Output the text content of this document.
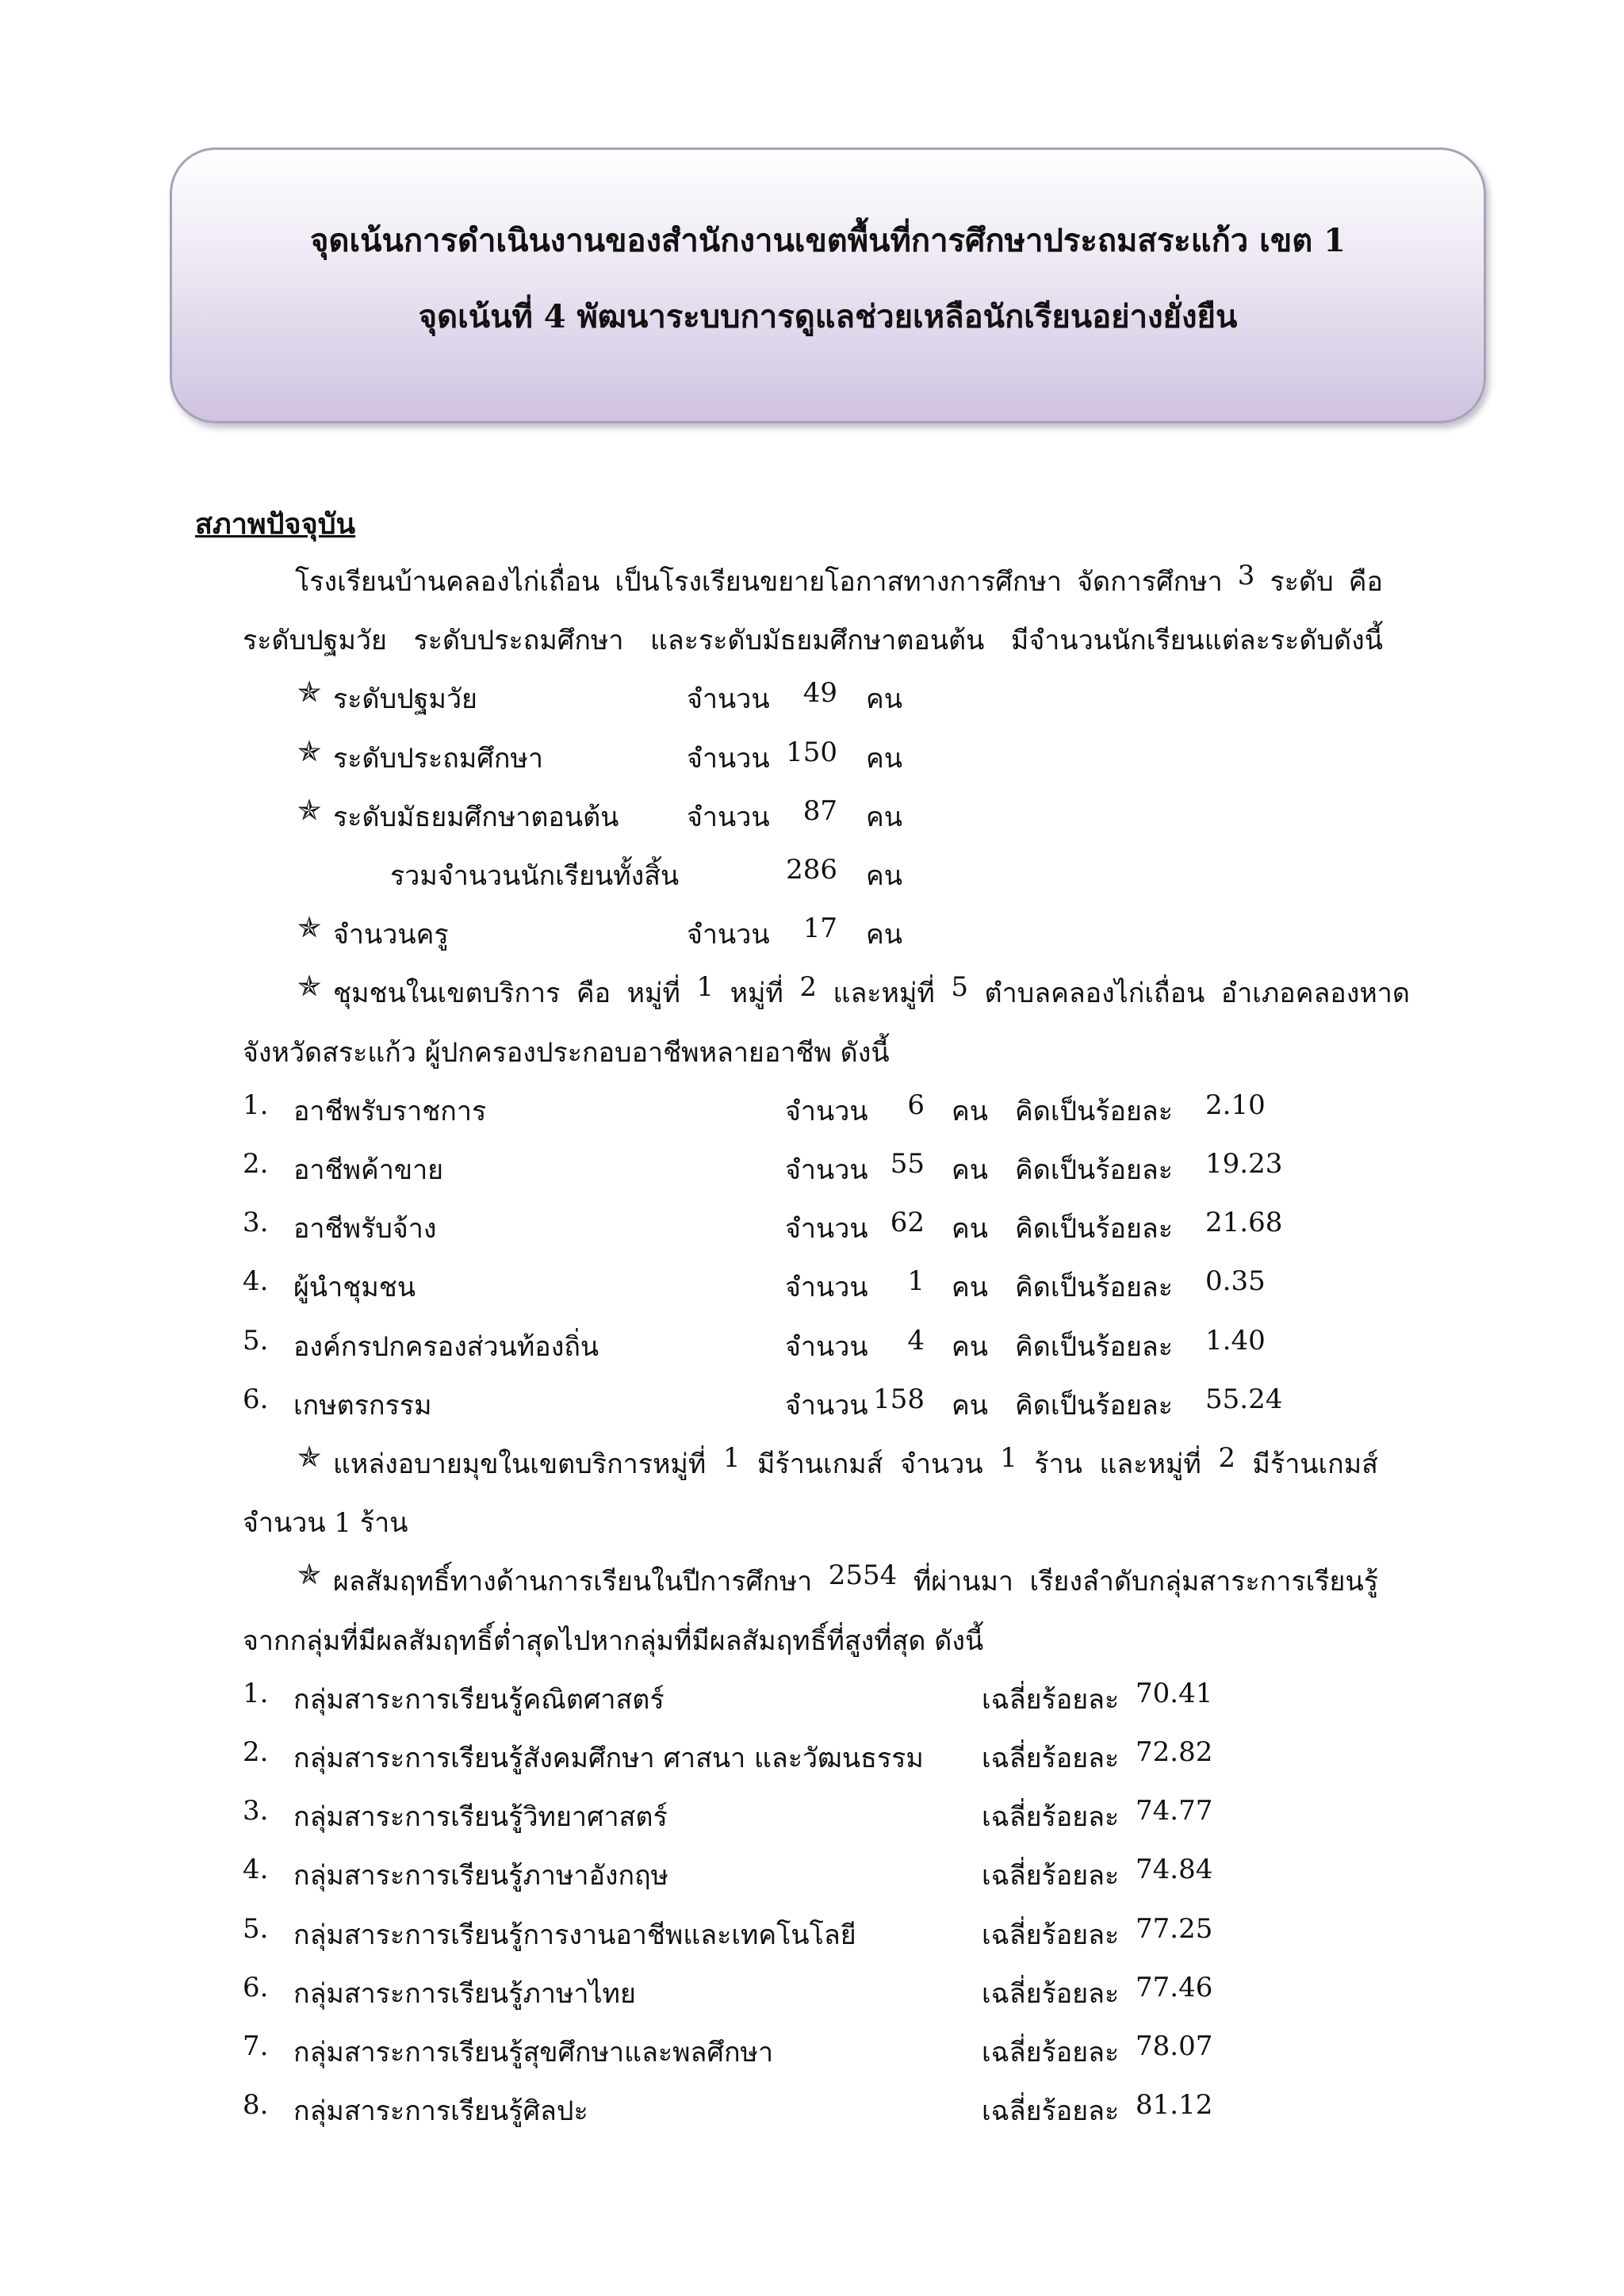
จุดเน้นการดำเนินงานของสำนักงานเขตพื้นที่การศึกษาประถมสระแก้ว เขต 1
จุดเน้นที่ 4 พัฒนาระบบการดูแลช่วยเหลือนักเรียนอย่างยั่งยืน
สภาพปัจจุบัน
โรงเรียนบ้านคลองไก่เถื่อน เป็นโรงเรียนขยายโอกาสทางการศึกษา จัดการศึกษา 3 ระดับ คือ
ระดับปฐมวัย ระดับประถมศึกษา และระดับมัธยมศึกษาตอนต้น มีจำนวนนักเรียนแต่ละระดับดังนี้
✯ ระดับปฐมวัย	จำนวน	49 คน
✯ ระดับประถมศึกษา	จำนวน 150 คน
✯ ระดับมัธยมศึกษาตอนต้น	จำนวน	87 คน
รวมจำนวนนักเรียนทั้งสิ้น	286 คน
✯ จำนวนครู	จำนวน	17 คน
✯ ชุมชนในเขตบริการ คือ หมู่ที่ 1 หมู่ที่ 2 และหมู่ที่ 5 ตำบลคลองไก่เถื่อน อำเภอคลองหาด
จังหวัดสระแก้ว ผู้ปกครองประกอบอาชีพหลายอาชีพ ดังนี้
1. อาชีพรับราชการ	จำนวน	6 คน คิดเป็นร้อยละ 2.10
2. อาชีพค้าขาย	จำนวน 55 คน คิดเป็นร้อยละ 19.23
3. อาชีพรับจ้าง	จำนวน 62 คน คิดเป็นร้อยละ 21.68
4. ผู้นำชุมชน	จำนวน	1 คน คิดเป็นร้อยละ 0.35
5. องค์กรปกครองส่วนท้องถิ่น	จำนวน	4 คน คิดเป็นร้อยละ 1.40
6. เกษตรกรรม	จำนวน 158 คน คิดเป็นร้อยละ 55.24
✯ แหล่งอบายมุขในเขตบริการหมู่ที่ 1 มีร้านเกมส์ จำนวน 1 ร้าน และหมู่ที่ 2 มีร้านเกมส์
จำนวน 1 ร้าน
✯ ผลสัมฤทธิ์ทางด้านการเรียนในปีการศึกษา 2554 ที่ผ่านมา เรียงลำดับกลุ่มสาระการเรียนรู้
จากกลุ่มที่มีผลสัมฤทธิ์ต่ำสุดไปหากลุ่มที่มีผลสัมฤทธิ์ที่สูงที่สุด ดังนี้
1. กลุ่มสาระการเรียนรู้คณิตศาสตร์	เฉลี่ยร้อยละ 70.41
2. กลุ่มสาระการเรียนรู้สังคมศึกษา ศาสนา และวัฒนธรรม เฉลี่ยร้อยละ 72.82
3. กลุ่มสาระการเรียนรู้วิทยาศาสตร์	เฉลี่ยร้อยละ 74.77
4. กลุ่มสาระการเรียนรู้ภาษาอังกฤษ	เฉลี่ยร้อยละ 74.84
5. กลุ่มสาระการเรียนรู้การงานอาชีพและเทคโนโลยี	เฉลี่ยร้อยละ 77.25
6. กลุ่มสาระการเรียนรู้ภาษาไทย	เฉลี่ยร้อยละ 77.46
7. กลุ่มสาระการเรียนรู้สุขศึกษาและพลศึกษา	เฉลี่ยร้อยละ 78.07
8. กลุ่มสาระการเรียนรู้ศิลปะ	เฉลี่ยร้อยละ 81.12
